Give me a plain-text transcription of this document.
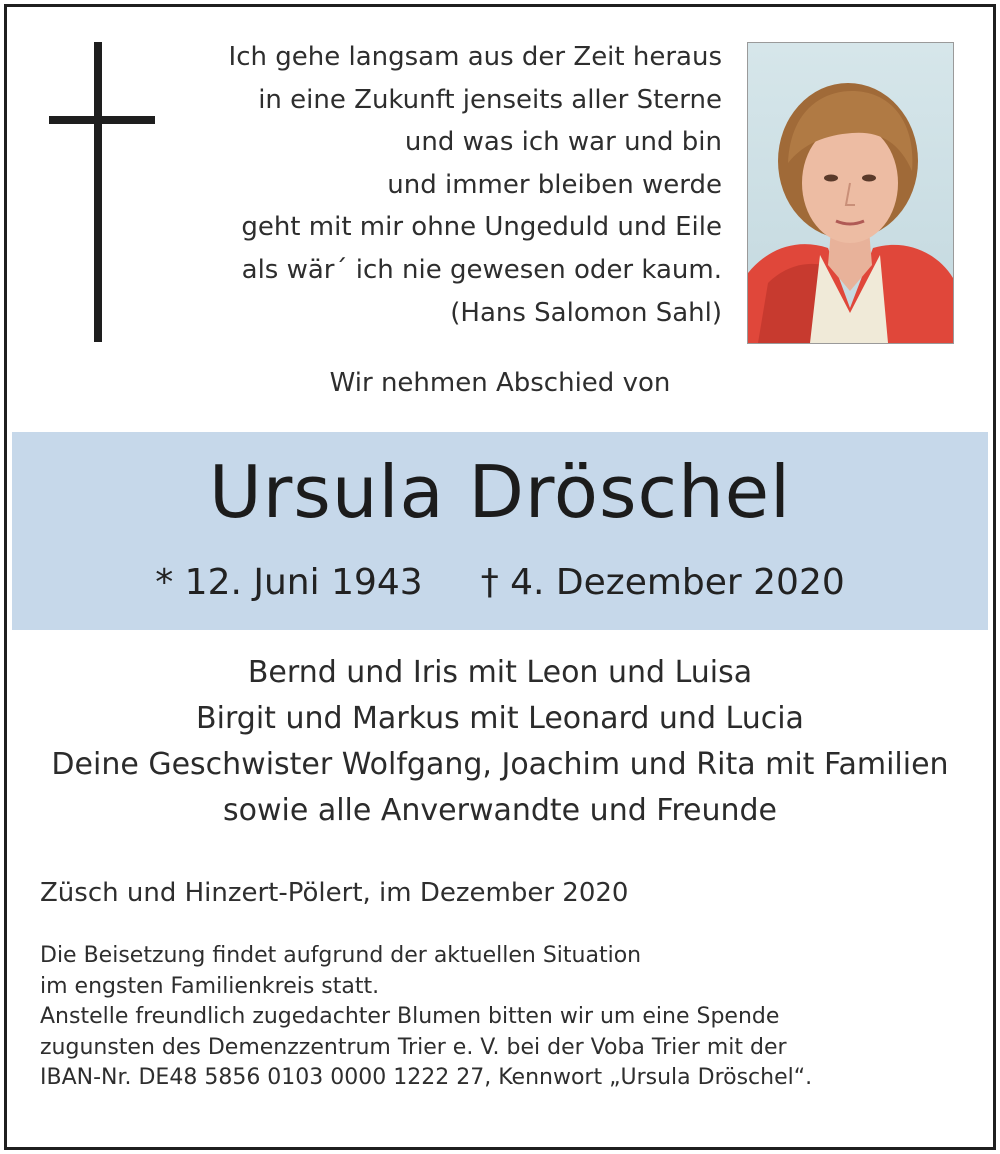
Ich gehe langsam aus der Zeit heraus
in eine Zukunft jenseits aller Sterne
und was ich war und bin
und immer bleiben werde
geht mit mir ohne Ungeduld und Eile
als wär´ ich nie gewesen oder kaum.
(Hans Salomon Sahl)
Wir nehmen Abschied von
Ursula Dröschel
* 12. Juni 1943 † 4. Dezember 2020
Bernd und Iris mit Leon und Luisa
Birgit und Markus mit Leonard und Lucia
Deine Geschwister Wolfgang, Joachim und Rita mit Familien
sowie alle Anverwandte und Freunde
Züsch und Hinzert-Pölert, im Dezember 2020
Die Beisetzung findet aufgrund der aktuellen Situation
im engsten Familienkreis statt.
Anstelle freundlich zugedachter Blumen bitten wir um eine Spende
zugunsten des Demenzzentrum Trier e. V. bei der Voba Trier mit der
IBAN-Nr. DE48 5856 0103 0000 1222 27, Kennwort „Ursula Dröschel“.
